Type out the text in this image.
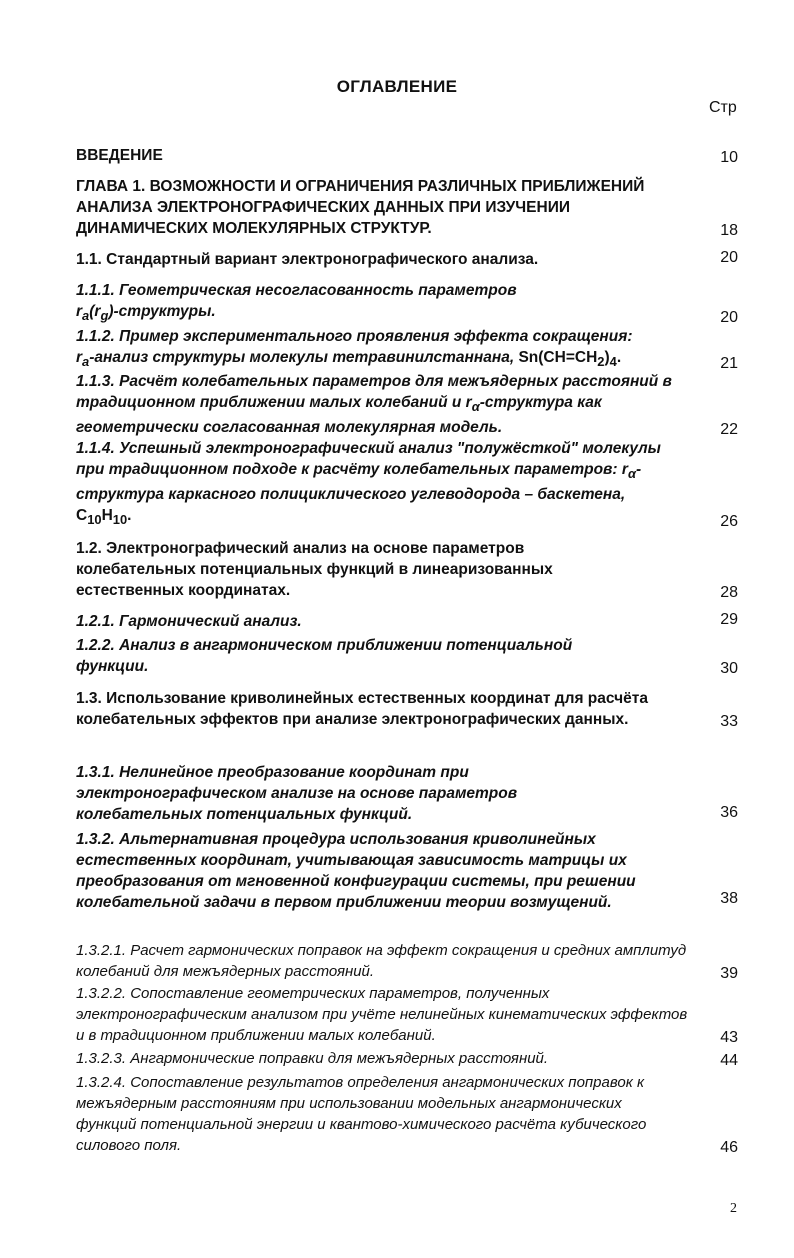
ОГЛАВЛЕНИЕ
Стр
ВВЕДЕНИЕ	10
ГЛАВА 1. ВОЗМОЖНОСТИ И ОГРАНИЧЕНИЯ РАЗЛИЧНЫХ ПРИБЛИЖЕНИЙ АНАЛИЗА ЭЛЕКТРОНОГРАФИЧЕСКИХ ДАННЫХ ПРИ ИЗУЧЕНИИ ДИНАМИЧЕСКИХ МОЛЕКУЛЯРНЫХ СТРУКТУР.	18
1.1. Стандартный вариант электронографического анализа.	20
1.1.1. Геометрическая несогласованность параметров
$r_a(r_g)$-структуры.	20
1.1.2. Пример экспериментального проявления эффекта сокращения:
$r_a$-анализ структуры молекулы тетравинилстаннана, $Sn(CH=CH_2)_4$.	21
1.1.3. Расчёт колебательных параметров для межъядерных расстояний в традиционном приближении малых колебаний и $r_\alpha$-структура как геометрически согласованная молекулярная модель.	22
1.1.4. Успешный электронографический анализ "полужёсткой" молекулы при традиционном подходе к расчёту колебательных параметров: $r_\alpha$-структура каркасного полициклического углеводорода – баскетена, $C_{10}H_{10}$.	26
1.2. Электронографический анализ на основе параметров колебательных потенциальных функций в линеаризованных естественных координатах.	28
1.2.1. Гармонический анализ.	29
1.2.2. Анализ в ангармоническом приближении потенциальной функции.	30
1.3. Использование криволинейных естественных координат для расчёта колебательных эффектов при анализе электронографических данных.	33
1.3.1. Нелинейное преобразование координат при электронографическом анализе на основе параметров колебательных потенциальных функций.	36
1.3.2. Альтернативная процедура использования криволинейных естественных координат, учитывающая зависимость матрицы их преобразования от мгновенной конфигурации системы, при решении колебательной задачи в первом приближении теории возмущений.	38
1.3.2.1. Расчет гармонических поправок на эффект сокращения и средних амплитуд колебаний для межъядерных расстояний.	39
1.3.2.2. Сопоставление геометрических параметров, полученных электронографическим анализом при учёте нелинейных кинематических эффектов и в традиционном приближении малых колебаний.	43
1.3.2.3. Ангармонические поправки для межъядерных расстояний.	44
1.3.2.4. Сопоставление результатов определения ангармонических поправок к межъядерным расстояниям при использовании модельных ангармонических функций потенциальной энергии и квантово-химического расчёта кубического силового поля.	46
2
